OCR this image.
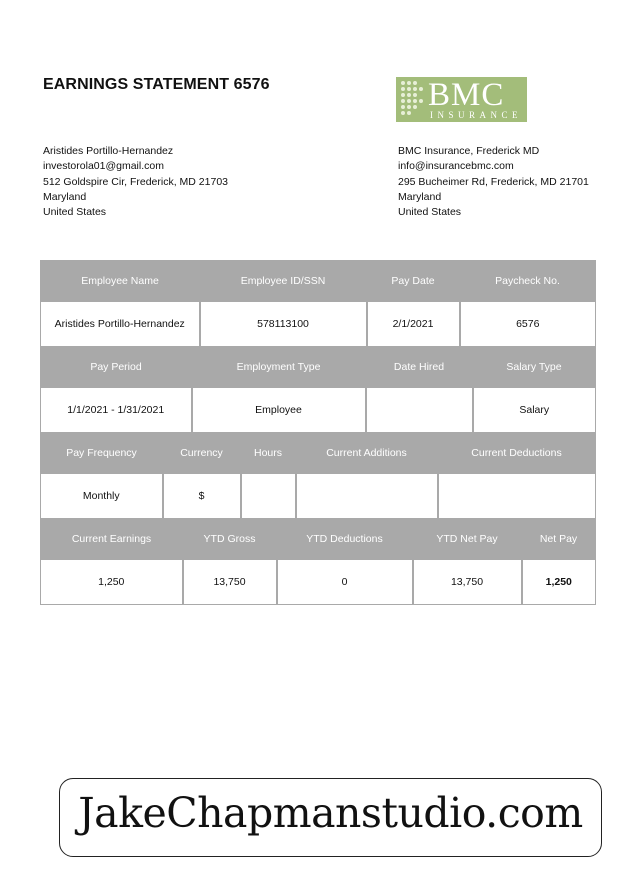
EARNINGS STATEMENT 6576	BMC
INSURANCE
Aristides Portillo-Hernandez
investorola01@gmail.com
512 Goldspire Cir, Frederick, MD 21703
Maryland
United States
BMC Insurance, Frederick MD
info@insurancebmc.com
295 Bucheimer Rd, Frederick, MD 21701
Maryland
United States
Employee Name	Employee ID/SSN	Pay Date	Paycheck No.
Aristides Portillo-Hernandez	578113100	2/1/2021	6576
Pay Period	Employment Type	Date Hired	Salary Type
1/1/2021 - 1/31/2021	Employee		Salary
Pay Frequency	Currency	Hours	Current Additions	Current Deductions
Monthly	$			
Current Earnings	YTD Gross	YTD Deductions	YTD Net Pay	Net Pay
1,250	13,750	0	13,750	1,250
JakeChapmanstudio.com
